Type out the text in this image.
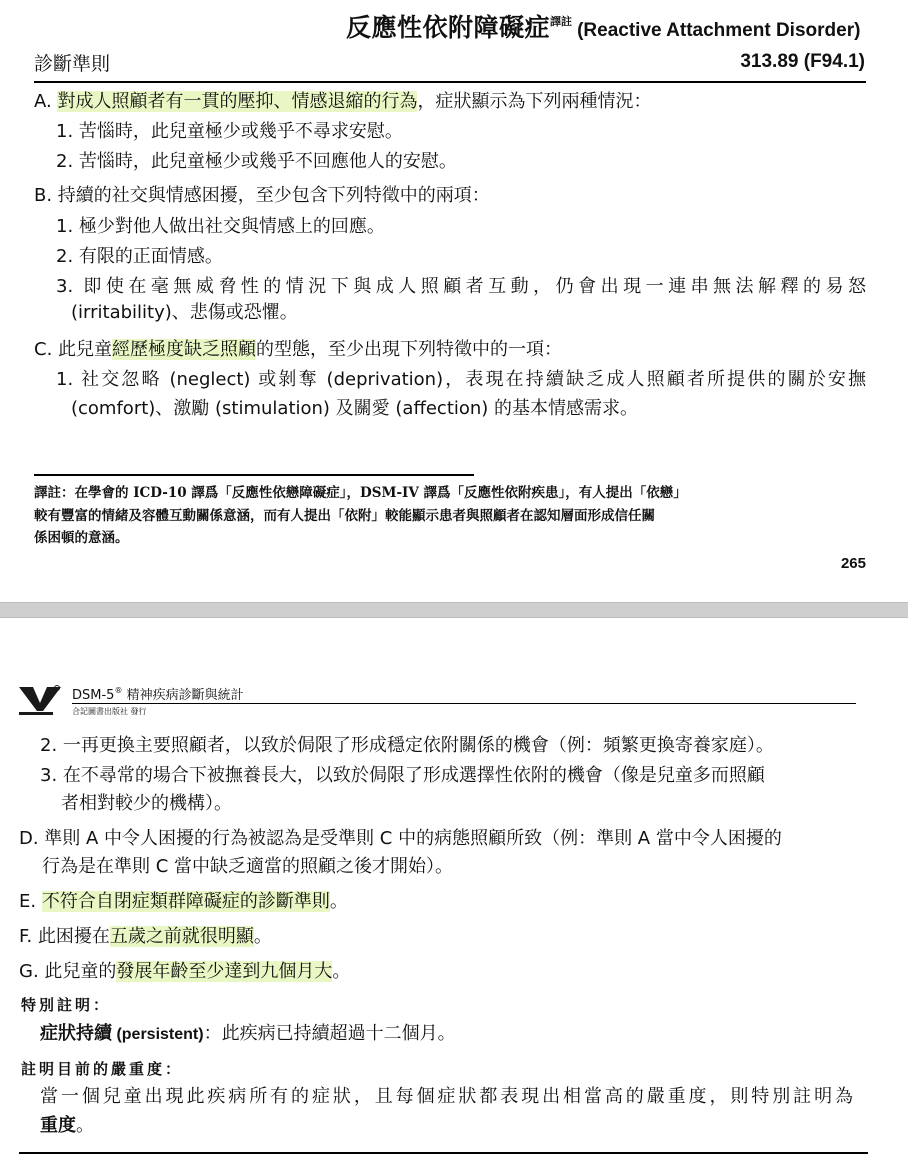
反應性依附障礙症$^{譯註}$ (Reactive Attachment Disorder)
診斷準則	313.89 (F94.1)
A. 對成人照顧者有一貫的壓抑、情感退縮的行為，症狀顯示為下列兩種情況：
1. 苦惱時，此兒童極少或幾乎不尋求安慰。
2. 苦惱時，此兒童極少或幾乎不回應他人的安慰。
B. 持續的社交與情感困擾，至少包含下列特徵中的兩項：
1. 極少對他人做出社交與情感上的回應。
2. 有限的正面情感。
3. 即使在毫無威脅性的情況下與成人照顧者互動，仍會出現一連串無法解釋的易怒
(irritability)、悲傷或恐懼。
C. 此兒童經歷極度缺乏照顧的型態，至少出現下列特徵中的一項：
1. 社交忽略 (neglect) 或剝奪 (deprivation)，表現在持續缺乏成人照顧者所提供的關於安撫
(comfort)、激勵 (stimulation) 及關愛 (affection) 的基本情感需求。
譯註：在學會的 ICD-10 譯爲「反應性依戀障礙症」，DSM-IV 譯爲「反應性依附疾患」，有人提出「依戀」
較有豐富的情緒及容體互動關係意涵，而有人提出「依附」較能顯示患者與照顧者在認知層面形成信任關
係困頓的意涵。
265
DSM-5® 精神疾病診斷與統計
合記圖書出版社 發行
2. 一再更換主要照顧者，以致於侷限了形成穩定依附關係的機會（例：頻繁更換寄養家庭）。
3. 在不尋常的場合下被撫養長大，以致於侷限了形成選擇性依附的機會（像是兒童多而照顧
者相對較少的機構）。
D. 準則 A 中令人困擾的行為被認為是受準則 C 中的病態照顧所致（例：準則 A 當中令人困擾的
行為是在準則 C 當中缺乏適當的照顧之後才開始）。
E. 不符合自閉症類群障礙症的診斷準則。
F. 此困擾在五歲之前就很明顯。
G. 此兒童的發展年齡至少達到九個月大。
特別註明：
症狀持續 (persistent)：此疾病已持續超過十二個月。
註明目前的嚴重度：
當一個兒童出現此疾病所有的症狀，且每個症狀都表現出相當高的嚴重度，則特別註明為
重度。
